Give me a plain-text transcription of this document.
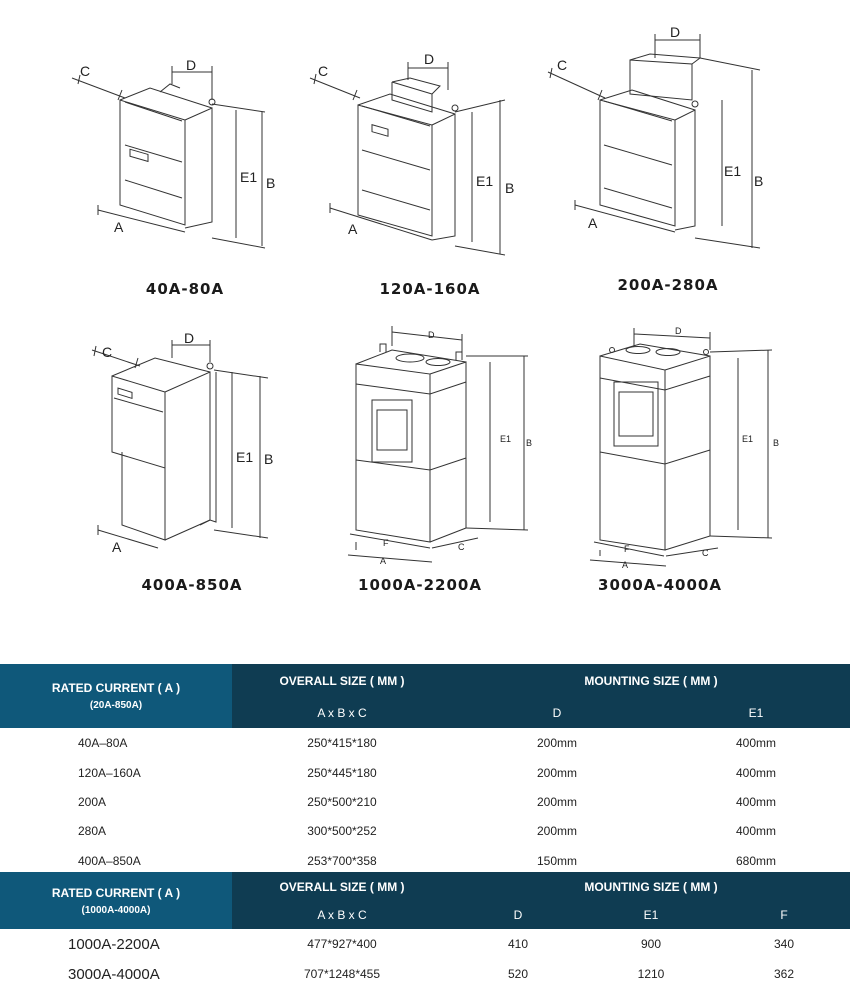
C	D
E1 B
A
C
D
E1 B
A
C
D
E1
B
A
C
D
E1 B
A
D
E1 B
F
A
C
D
E1 B
F
A
C
40A-80A	120A-160A	200A-280A
400A-850A	1000A-2200A	3000A-4000A
RATED CURRENT ( A )
(20A-850A)	OVERALL SIZE ( MM )	MOUNTING SIZE ( MM )	
	A x B x C	D	E1
40A–80A	250*415*180	200mm	400mm
120A–160A	250*445*180	200mm	400mm
200A	250*500*210	200mm	400mm
280A	300*500*252	200mm	400mm
400A–850A	253*700*358	150mm	680mm
RATED CURRENT ( A )
(1000A-4000A)	OVERALL SIZE ( MM )	MOUNTING SIZE ( MM )		
	A x B x C	D	E1	F
1000A-2200A	477*927*400	410	900	340
3000A-4000A	707*1248*455	520	1210	362
